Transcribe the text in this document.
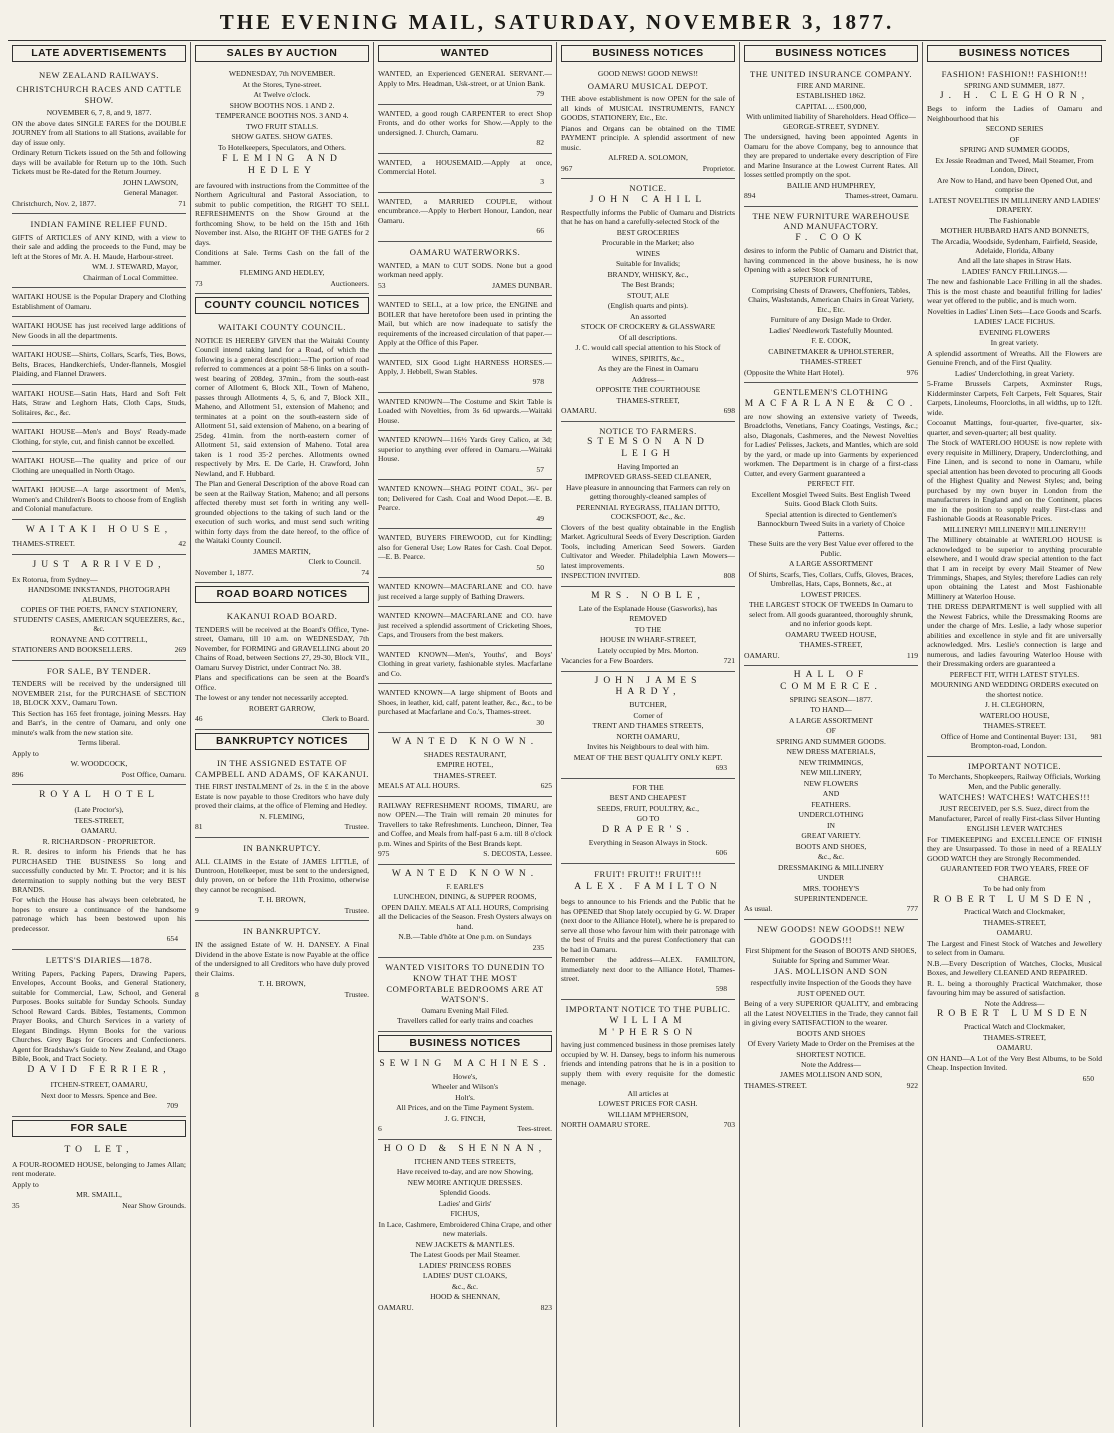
THE EVENING MAIL, SATURDAY, NOVEMBER 3, 1877.
LATE ADVERTISEMENTS
NEW ZEALAND RAILWAYS.
CHRISTCHURCH RACES AND CATTLE SHOW.

NOVEMBER 6, 7, 8, and 9, 1877.

ON the above dates SINGLE FARES for the DOUBLE JOURNEY from all Stations to all Stations, available for day of issue only.

Ordinary Return Tickets issued on the 5th and following days will be available for Return up to the 10th. Such Tickets must be Re-dated for the Return Journey.

JOHN LAWSON,

General Manager.

Christchurch, Nov. 2, 1877.	71

INDIAN FAMINE RELIEF FUND.

GIFTS of ARTICLES of ANY KIND, with a view to their sale and adding the proceeds to the Fund, may be left at the Stores of Mr. A. H. Maude, Harbour-street.

WM. J. STEWARD, Mayor,

Chairman of Local Committee.

WAITAKI HOUSE is the Popular Drapery and Clothing Establishment of Oamaru.

WAITAKI HOUSE has just received large additions of New Goods in all the departments.

WAITAKI HOUSE—Shirts, Collars, Scarfs, Ties, Bows, Belts, Braces, Handkerchiefs, Under-flannels, Mosgiel Plaiding, and Flannel Drawers.

WAITAKI HOUSE—Satin Hats, Hard and Soft Felt Hats, Straw and Leghorn Hats, Cloth Caps, Studs, Solitaires, &c., &c.

WAITAKI HOUSE—Men's and Boys' Ready-made Clothing, for style, cut, and finish cannot be excelled.

WAITAKI HOUSE—The quality and price of our Clothing are unequalled in North Otago.

WAITAKI HOUSE—A large assortment of Men's, Women's and Children's Boots to choose from of English and Colonial manufacture.

WAITAKI HOUSE,

THAMES-STREET.	42

JUST ARRIVED,

Ex Rotorua, from Sydney—

HANDSOME INKSTANDS, PHOTOGRAPH ALBUMS,

COPIES OF THE POETS, FANCY STATIONERY, STUDENTS' CASES, AMERICAN SQUEEZERS, &c., &c.

RONAYNE AND COTTRELL,

STATIONERS AND BOOKSELLERS.	269

FOR SALE, BY TENDER.

TENDERS will be received by the undersigned till NOVEMBER 21st, for the PURCHASE of SECTION 18, BLOCK XXV., Oamaru Town.

This Section has 165 feet frontage, joining Messrs. Hay and Barr's, in the centre of Oamaru, and only one minute's walk from the new station site.

Terms liberal.

Apply to

W. WOODCOCK,

896	Post Office, Oamaru.

ROYAL HOTEL

(Late Proctor's),

TEES-STREET,

OAMARU.

R. RICHARDSON · PROPRIETOR.

R. R. desires to inform his Friends that he has PURCHASED THE BUSINESS So long and successfully conducted by Mr. T. Proctor; and it is his determination to supply nothing but the very BEST BRANDS.

For which the House has always been celebrated, he hopes to ensure a continuance of the handsome patronage which has been bestowed upon his predecessor.

654

LETTS'S DIARIES—1878.

Writing Papers, Packing Papers, Drawing Papers, Envelopes, Account Books, and General Stationery, suitable for Commercial, Law, School, and General Purposes. Books suitable for Sunday Schools. Sunday School Reward Cards. Bibles, Testaments, Common Prayer Books, and Church Services in a variety of Elegant Bindings. Hymn Books for the various Churches. Grey Bags for Grocers and Confectioners. Agent for Bradshaw's Guide to New Zealand, and Otago Bible, Book, and Tract Society.

DAVID FERRIER,

ITCHEN-STREET, OAMARU,

Next door to Messrs. Spence and Bee.

709

FOR SALE
TO LET,

A FOUR-ROOMED HOUSE, belonging to James Allan; rent moderate.

Apply to

MR. SMAILL,

35	Near Show Grounds.

SALES BY AUCTION

WEDNESDAY, 7th NOVEMBER.

At the Stores, Tyne-street.

At Twelve o'clock.

SHOW BOOTHS NOS. 1 AND 2.

TEMPERANCE BOOTHS NOS. 3 AND 4.

TWO FRUIT STALLS.

SHOW GATES. SHOW GATES.

To Hotelkeepers, Speculators, and Others.

FLEMING AND HEDLEY

are favoured with instructions from the Committee of the Northern Agricultural and Pastoral Association, to submit to public competition, the RIGHT TO SELL REFRESHMENTS on the Show Ground at the forthcoming Show, to be held on the 15th and 16th November inst. Also, the RIGHT OF THE GATES for 2 days.

Conditions at Sale. Terms Cash on the fall of the hammer.

FLEMING AND HEDLEY,

73	Auctioneers.

COUNTY COUNCIL NOTICES
WAITAKI COUNTY COUNCIL.

NOTICE IS HEREBY GIVEN that the Waitaki County Council intend taking land for a Road, of which the following is a general description:—The portion of road referred to commences at a point 58·6 links on a south-west bearing of 208deg. 37min., from the south-east corner of Allotment 6, Block XII., Town of Maheno, passes through Allotments 4, 5, 6, and 7, Block XII., Maheno, and Allotment 51, extension of Maheno; and terminates at a point on the south-eastern side of Allotment 51, said extension of Maheno, on a bearing of 25deg. 41min. from the north-eastern corner of Allotment 51, said extension of Maheno. Total area taken is 1 rood 35·2 perches. Allotments owned respectively by Mrs. E. De Carle, H. Crawford, John Newland, and F. Hubbard.

The Plan and General Description of the above Road can be seen at the Railway Station, Maheno; and all persons affected thereby must set forth in writing any well-grounded objections to the taking of such land or the execution of such works, and must send such writing within forty days from the date hereof, to the office of the Waitaki County Council.

JAMES MARTIN,

Clerk to Council.

November 1, 1877.	74

ROAD BOARD NOTICES
KAKANUI ROAD BOARD.

TENDERS will be received at the Board's Office, Tyne-street, Oamaru, till 10 a.m. on WEDNESDAY, 7th November, for FORMING and GRAVELLING about 20 Chains of Road, between Sections 27, 29-30, Block VII., Oamaru Survey District, under Contract No. 38.

Plans and specifications can be seen at the Board's Office.

The lowest or any tender not necessarily accepted.

ROBERT GARROW,

46	Clerk to Board.

BANKRUPTCY NOTICES
IN THE ASSIGNED ESTATE OF CAMPBELL AND ADAMS, OF KAKANUI.

THE FIRST INSTALMENT of 2s. in the £ in the above Estate is now payable to those Creditors who have duly proved their claims, at the office of Fleming and Hedley.

N. FLEMING,

81	Trustee.

IN BANKRUPTCY.

ALL CLAIMS in the Estate of JAMES LITTLE, of Duntroon, Hotelkeeper, must be sent to the undersigned, duly proven, on or before the 11th Proximo, otherwise they cannot be recognised.

T. H. BROWN,

9	Trustee.

IN BANKRUPTCY.

IN the assigned Estate of W. H. DANSEY. A Final Dividend in the above Estate is now Payable at the office of the undersigned to all Creditors who have duly proved their Claims.

T. H. BROWN,

8	Trustee.

WANTED

WANTED, an Experienced GENERAL SERVANT.—Apply to Mrs. Headman, Usk-street, or at Union Bank.

79

WANTED, a good rough CARPENTER to erect Shop Fronts, and do other works for Show.—Apply to the undersigned. J. Church, Oamaru.

82

WANTED, a HOUSEMAID.—Apply at once, Commercial Hotel.

3

WANTED, a MARRIED COUPLE, without encumbrance.—Apply to Herbert Honour, Landon, near Oamaru.

66

OAMARU WATERWORKS.

WANTED, a MAN to CUT SODS. None but a good workman need apply.

53	JAMES DUNBAR.

WANTED to SELL, at a low price, the ENGINE and BOILER that have heretofore been used in printing the Mail, but which are now inadequate to satisfy the requirements of the increased circulation of that paper.—Apply at the Office of this Paper.

WANTED, SIX Good Light HARNESS HORSES.—Apply, J. Hebbell, Swan Stables.

978

WANTED KNOWN—The Costume and Skirt Table is Loaded with Novelties, from 3s 6d upwards.—Waitaki House.

WANTED KNOWN—116½ Yards Grey Calico, at 3d; superior to anything ever offered in Oamaru.—Waitaki House.

57

WANTED KNOWN—SHAG POINT COAL, 36/- per ton; Delivered for Cash. Coal and Wood Depot.—E. B. Pearce.

49

WANTED, BUYERS FIREWOOD, cut for Kindling; also for General Use; Low Rates for Cash. Coal Depot.—E. B. Pearce.

50

WANTED KNOWN—MACFARLANE and CO. have just received a large supply of Bathing Drawers.

WANTED KNOWN—MACFARLANE and CO. have just received a splendid assortment of Cricketing Shoes, Caps, and Trousers from the best makers.

WANTED KNOWN—Men's, Youths', and Boys' Clothing in great variety, fashionable styles. Macfarlane and Co.

WANTED KNOWN—A large shipment of Boots and Shoes, in leather, kid, calf, patent leather, &c., &c., to be purchased at Macfarlane and Co.'s, Thames-street.

30

WANTED KNOWN.
SHADES RESTAURANT,
EMPIRE HOTEL,
THAMES-STREET.

MEALS AT ALL HOURS.	625

RAILWAY REFRESHMENT ROOMS, TIMARU, are now OPEN.—The Train will remain 20 minutes for Travellers to take Refreshments. Luncheon, Dinner, Tea and Coffee, and Meals from half-past 6 a.m. till 8 o'clock p.m. Wines and Spirits of the Best Brands kept.

975	S. DECOSTA, Lessee.

WANTED KNOWN.
F. EARLE'S
LUNCHEON, DINING, & SUPPER ROOMS,
OPEN DAILY. MEALS AT ALL HOURS, Comprising all the Delicacies of the Season. Fresh Oysters always on hand.
N.B.—Table d'hôte at One p.m. on Sundays

235

WANTED VISITORS TO DUNEDIN TO KNOW THAT THE MOST COMFORTABLE BEDROOMS ARE AT WATSON'S.
Oamaru Evening Mail Filed.
Travellers called for early trains and coaches
BUSINESS NOTICES
SEWING MACHINES.
Howe's,
Wheeler and Wilson's
Holt's.
All Prices, and on the Time Payment System.
J. G. FINCH,

6	Tees-street.

HOOD & SHENNAN,
ITCHEN AND TEES STREETS,
Have received to-day, and are now Showing,
NEW MOIRE ANTIQUE DRESSES.
Splendid Goods.
Ladies' and Girls'
FICHUS,
In Lace, Cashmere, Embroidered China Crape, and other new materials.
NEW JACKETS & MANTLES.
The Latest Goods per Mail Steamer.
LADIES' PRINCESS ROBES
LADIES' DUST CLOAKS,
&c., &c.
HOOD & SHENNAN,

OAMARU.	823

BUSINESS NOTICES

GOOD NEWS! GOOD NEWS!!

OAMARU MUSICAL DEPOT.

THE above establishment is now OPEN for the sale of all kinds of MUSICAL INSTRUMENTS, FANCY GOODS, STATIONERY, Etc., Etc.

Pianos and Organs can be obtained on the TIME PAYMENT principle. A splendid assortment of new music.

ALFRED A. SOLOMON,

967	Proprietor.

NOTICE.
JOHN CAHILL

Respectfully informs the Public of Oamaru and Districts that he has on hand a carefully-selected Stock of the

BEST GROCERIES
Procurable in the Market; also
WINES
Suitable for Invalids;
BRANDY, WHISKY, &c.,
The Best Brands;
STOUT, ALE
(English quarts and pints).
An assorted
STOCK OF CROCKERY & GLASSWARE
Of all descriptions.
J. C. would call special attention to his Stock of
WINES, SPIRITS, &c.,
As they are the Finest in Oamaru
Address—
OPPOSITE THE COURTHOUSE
THAMES-STREET,

OAMARU.	698

NOTICE TO FARMERS.
STEMSON AND LEIGH
Having Imported an
IMPROVED GRASS-SEED CLEANER,
Have pleasure in announcing that Farmers can rely on getting thoroughly-cleaned samples of
PERENNIAL RYEGRASS, ITALIAN DITTO, COCKSFOOT, &c., &c.

Clovers of the best quality obtainable in the English Market. Agricultural Seeds of Every Description. Garden Tools, including American Seed Sowers. Garden Cultivator and Weeder. Philadelphia Lawn Mowers—latest improvements.

INSPECTION INVITED.	808

MRS. NOBLE,
Late of the Esplanade House (Gasworks), has
REMOVED
TO THE
HOUSE IN WHARF-STREET,
Lately occupied by Mrs. Morton.

Vacancies for a Few Boarders.	721

JOHN JAMES HARDY,
BUTCHER,
Corner of
TRENT AND THAMES STREETS,
NORTH OAMARU,
Invites his Neighbours to deal with him.
MEAT OF THE BEST QUALITY ONLY KEPT.

693

FOR THE
BEST AND CHEAPEST
SEEDS, FRUIT, POULTRY, &c.,
GO TO
DRAPER'S.
Everything in Season Always in Stock.

606

FRUIT! FRUIT!! FRUIT!!!
ALEX. FAMILTON

begs to announce to his Friends and the Public that he has OPENED that Shop lately occupied by G. W. Draper (next door to the Alliance Hotel), where he is prepared to serve all those who favour him with their patronage with the best of Fruits and the purest Confectionery that can be had in Oamaru.

Remember the address—ALEX. FAMILTON, immediately next door to the Alliance Hotel, Thames-street.

598

IMPORTANT NOTICE TO THE PUBLIC.
WILLIAM M'PHERSON

having just commenced business in those premises lately occupied by W. H. Dansey, begs to inform his numerous friends and intending patrons that he is in a position to supply them with every requisite for the domestic menage.

All articles at
LOWEST PRICES FOR CASH.
WILLIAM M'PHERSON,

NORTH OAMARU STORE.	703

BUSINESS NOTICES
THE UNITED INSURANCE COMPANY.
FIRE AND MARINE.
ESTABLISHED 1862.
CAPITAL ... £500,000,
With unlimited liability of Shareholders. Head Office—GEORGE-STREET, SYDNEY.

The undersigned, having been appointed Agents in Oamaru for the above Company, beg to announce that they are prepared to undertake every description of Fire and Marine Insurance at the Lowest Current Rates. All losses settled promptly on the spot.

BAILIE AND HUMPHREY,

894	Thames-street, Oamaru.

THE NEW FURNITURE WAREHOUSE AND MANUFACTORY.
F. COOK

desires to inform the Public of Oamaru and District that, having commenced in the above business, he is now Opening with a select Stock of

SUPERIOR FURNITURE,
Comprising Chests of Drawers, Cheffoniers, Tables, Chairs, Washstands, American Chairs in Great Variety, Etc., Etc.
Furniture of any Design Made to Order.
Ladies' Needlework Tastefully Mounted.
F. E. COOK,
CABINETMAKER & UPHOLSTERER,
THAMES-STREET

(Opposite the White Hart Hotel).	976

GENTLEMEN'S CLOTHING
MACFARLANE & CO.

are now showing an extensive variety of Tweeds, Broadcloths, Venetians, Fancy Coatings, Vestings, &c.; also, Diagonals, Cashmeres, and the Newest Novelties for Ladies' Pelisses, Jackets, and Mantles, which are sold by the yard, or made up into Garments by experienced workmen. The Department is in charge of a first-class Cutter, and every Garment guaranteed a

PERFECT FIT.
Excellent Mosgiel Tweed Suits. Best English Tweed Suits. Good Black Cloth Suits.
Special attention is directed to Gentlemen's Bannockburn Tweed Suits in a variety of Choice Patterns.
These Suits are the very Best Value ever offered to the Public.
A LARGE ASSORTMENT
Of Shirts, Scarfs, Ties, Collars, Cuffs, Gloves, Braces, Umbrellas, Hats, Caps, Bonnets, &c., at
LOWEST PRICES.
THE LARGEST STOCK OF TWEEDS In Oamaru to select from. All goods guaranteed, thoroughly shrunk, and no inferior goods kept.
OAMARU TWEED HOUSE,
THAMES-STREET,

OAMARU.	119

HALL OF COMMERCE.
SPRING SEASON—1877.
TO HAND—
A LARGE ASSORTMENT
OF
SPRING AND SUMMER GOODS.
NEW DRESS MATERIALS,
NEW TRIMMINGS,
NEW MILLINERY,
NEW FLOWERS
AND
FEATHERS.
UNDERCLOTHING
IN
GREAT VARIETY.
BOOTS AND SHOES,
&c., &c.
DRESSMAKING & MILLINERY
UNDER
MRS. TOOHEY'S
SUPERINTENDENCE.

As usual.	777

NEW GOODS! NEW GOODS!! NEW GOODS!!!
First Shipment for the Season of BOOTS AND SHOES, Suitable for Spring and Summer Wear.
JAS. MOLLISON AND SON
respectfully invite Inspection of the Goods they have
JUST OPENED OUT.

Being of a very SUPERIOR QUALITY, and embracing all the Latest NOVELTIES in the Trade, they cannot fail in giving every SATISFACTION to the wearer.

BOOTS AND SHOES
Of Every Variety Made to Order on the Premises at the
SHORTEST NOTICE.
Note the Address—
JAMES MOLLISON AND SON,

THAMES-STREET.	922

BUSINESS NOTICES
FASHION! FASHION!! FASHION!!!
SPRING AND SUMMER, 1877.
J. H. CLEGHORN,

Begs to inform the Ladies of Oamaru and Neighbourhood that his

SECOND SERIES
OF
SPRING AND SUMMER GOODS,
Ex Jessie Readman and Tweed, Mail Steamer, From London, Direct,
Are Now to Hand, and have been Opened Out, and comprise the
LATEST NOVELTIES IN MILLINERY AND LADIES' DRAPERY.
The Fashionable
MOTHER HUBBARD HATS AND BONNETS,
The Arcadia, Woodside, Sydenham, Fairfield, Seaside, Adelaide, Florida, Albany
And all the late shapes in Straw Hats.
LADIES' FANCY FRILLINGS.—

The new and fashionable Lace Frilling in all the shades. This is the most chaste and beautiful frilling for ladies' wear yet offered to the public, and is much worn.

Novelties in Ladies' Linen Sets—Lace Goods and Scarfs.
LADIES' LACE FICHUS.
EVENING FLOWERS
In great variety.

A splendid assortment of Wreaths. All the Flowers are Genuine French, and of the First Quality.

Ladies' Underclothing, in great Variety.

5-Frame Brussels Carpets, Axminster Rugs, Kidderminster Carpets, Felt Carpets, Felt Squares, Stair Carpets, Linoleums, Floorcloths, in all widths, up to 12ft. wide.

Cocoanut Mattings, four-quarter, five-quarter, six-quarter, and seven-quarter; all best quality.

The Stock of WATERLOO HOUSE is now replete with every requisite in Millinery, Drapery, Underclothing, and Fine Linen, and is second to none in Oamaru, while special attention has been devoted to procuring all Goods of the Highest Quality and Newest Styles; and, being purchased by my own buyer in London from the manufacturers in England and on the Continent, places me in the position to supply really First-class and Fashionable Goods at Reasonable Prices.

MILLINERY! MILLINERY!! MILLINERY!!!

The Millinery obtainable at WATERLOO HOUSE is acknowledged to be superior to anything procurable elsewhere, and I would draw special attention to the fact that I am in receipt by every Mail Steamer of New Trimmings, Shapes, and Styles; therefore Ladies can rely upon obtaining the Latest and Most Fashionable Millinery at Waterloo House.

THE DRESS DEPARTMENT is well supplied with all the Newest Fabrics, while the Dressmaking Rooms are under the charge of Mrs. Leslie, a lady whose superior abilities and excellence in style and fit are universally acknowledged. Mrs. Leslie's connection is large and numerous, and ladies favouring Waterloo House with their Dressmaking orders are guaranteed a

PERFECT FIT, WITH LATEST STYLES.
MOURNING AND WEDDING ORDERS executed on the shortest notice.
J. H. CLEGHORN,
WATERLOO HOUSE,
THAMES-STREET.

Office of Home and Continental Buyer: 131, Brompton-road, London.
981

IMPORTANT NOTICE.
To Merchants, Shopkeepers, Railway Officials, Working Men, and the Public generally.
WATCHES! WATCHES! WATCHES!!!
JUST RECEIVED, per S.S. Suez, direct from the Manufacturer, Parcel of really First-class Silver Hunting
ENGLISH LEVER WATCHES

For TIMEKEEPING and EXCELLENCE OF FINISH they are Unsurpassed. To those in need of a REALLY GOOD WATCH they are Strongly Recommended.

GUARANTEED FOR TWO YEARS, FREE OF CHARGE.
To be had only from
ROBERT LUMSDEN,
Practical Watch and Clockmaker,
THAMES-STREET,
OAMARU.

The Largest and Finest Stock of Watches and Jewellery to select from in Oamaru.

N.B.—Every Description of Watches, Clocks, Musical Boxes, and Jewellery CLEANED AND REPAIRED.

R. L. being a thoroughly Practical Watchmaker, those favouring him may be assured of satisfaction.

Note the Address—
ROBERT LUMSDEN
Practical Watch and Clockmaker,
THAMES-STREET,
OAMARU.

ON HAND—A Lot of the Very Best Albums, to be Sold Cheap. Inspection Invited.

650
